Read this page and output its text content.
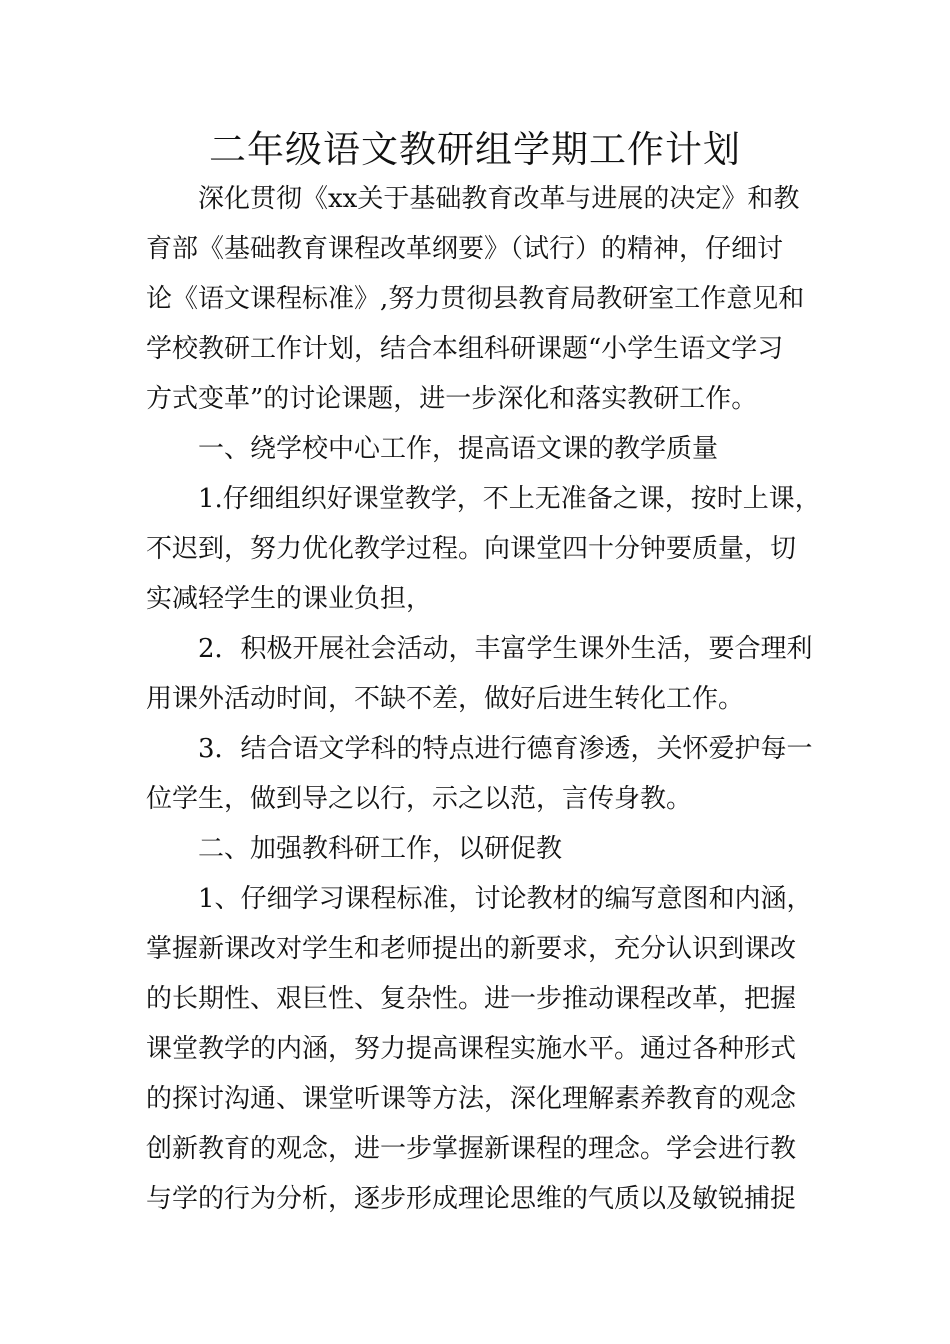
二年级语文教研组学期工作计划
深化贯彻《xx关于基础教育改革与进展的决定》和教
育部《基础教育课程改革纲要》（试行）的精神，仔细讨
论《语文课程标准》,努力贯彻县教育局教研室工作意见和
学校教研工作计划，结合本组科研课题“小学生语文学习
方式变革”的讨论课题，进一步深化和落实教研工作。
一、绕学校中心工作，提高语文课的教学质量
1.仔细组织好课堂教学，不上无准备之课，按时上课，
不迟到，努力优化教学过程。向课堂四十分钟要质量，切
实减轻学生的课业负担，
2．积极开展社会活动，丰富学生课外生活，要合理利
用课外活动时间，不缺不差，做好后进生转化工作。
3．结合语文学科的特点进行德育渗透，关怀爱护每一
位学生，做到导之以行，示之以范，言传身教。
二、加强教科研工作，以研促教
1、仔细学习课程标准，讨论教材的编写意图和内涵，
掌握新课改对学生和老师提出的新要求，充分认识到课改
的长期性、艰巨性、复杂性。进一步推动课程改革，把握
课堂教学的内涵，努力提高课程实施水平。通过各种形式
的探讨沟通、课堂听课等方法，深化理解素养教育的观念
创新教育的观念，进一步掌握新课程的理念。学会进行教
与学的行为分析，逐步形成理论思维的气质以及敏锐捕捉
